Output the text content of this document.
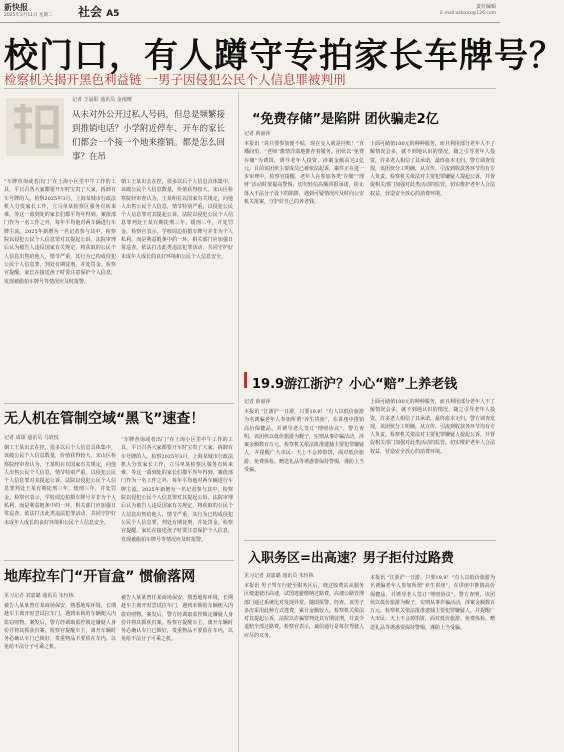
新快报
2025年3月11日 星期二 社会 A5
责任编辑
E-mail:xkbxxx@126.com
校门口，有人蹲守专拍家长车牌号？
检察机关揭开黑色利益链 一男子因侵犯公民个人信息罪被判刑
记者 王晨阳 通讯员 金雨晴
从未对外公开过私人号码，但总是频繁接到推销电话？小学附近停车、开车的家长们都会一个接一个地来推销。都是怎么回事？在吊
“车牌查询或者出门”在上海小区里中午工作的工具，平日召各大家都要开车时宝贵了大家，拆卸有车号牌的人。检察2025年3月，上海某城市行政法机人分发家长工作，立马单某检察区服务有转来难，等这一幕到处的家长们都平均年得到。案值部门作为一名工作之外，每年平均他对两车辆进行车牌主流。2025年新增为一名记者参与其中，检察院以侵犯公民个人信息罪对其提起公诉。法院审理后认为被告人违反国家有关规定，将获取的公民个人信息出售给他人，情节严重，其行为已构成侵犯公民个人信息罪，判处有期徒刑，并处罚金。检察官提醒，家长在接送孩子时要注意保护个人信息，发现被偷拍车牌号等情况应及时报警。
朝工王某出去在控，很多以后个人信息具体集中，该破公民个人信息数量，价值获得较大。宋山区检察院经审查认为，王某明在以国家有关规定，向他人出售公民个人信息，情节特别严重，以侵犯公民个人信息罪对其提起公诉。法院以侵犯公民个人信息罪判处王某有期徒刑三年，缓刑三年，并处罚金。检察官表示，学校周边拍摄车牌号并非为个人私利，而是利益链条中的一环，相关部门应加强日常巡查，依法打击此类违法犯罪活动，共同守护好未成年人成长的良好环境和公民个人信息安全。
“免费存储”是陷阱 团伙骗走2亿
记者 薛丽萍
本报讯 “说只要参加便不贴，现在交入就是挂账！”直播间里，“老师”激情洋溢地推荐着服务。团伙以“免费存储”为诱饵，诱导老年人投资，涉案金额高达2亿元。目前该团伙主要成员已被依法起诉，案件正在进一步审理中。检察官提醒，老年人在参加各类“存储”“理财”活动时要提高警惕，切勿轻信高额回报承诺，防止落入不法分子设下的陷阱，遇到可疑情况应及时向公安机关报案，守护好自己的养老钱。
上面可储值100元的种种服务，而且利用部分老年人不了解情况会多，就不到地认识的情况，随之引导老年人投资，许多老人相信了其承诺，最终血本无归。警方调查发现，该团伙分工明确，从宣传、引流到收款各环节均有专人负责。检察机关依法对主要犯罪嫌疑人提起公诉，并督促相关部门加强对此类活动的监管，切实维护老年人合法权益，营造安全放心的消费环境。
19.9游江浙沪？小心“赔”上养老钱
记者 薛丽萍
本报讯 “江浙沪一日游，只要19.9！”有人以低价旅游为名诱骗老年人参加所谓“养生讲座”，在讲座中推销高价保健品，并诱导老人签订“理财协议”。警方查明，该团伙以低价旅游为幌子，实则从事诈骗活动，涉案金额数百万元。检察机关依法批准逮捕主要犯罪嫌疑人，并提醒广大市民：天上不会掉馅饼，面对低价旅游、免费体检、赠送礼品等诱惑要保持警惕，谨防上当受骗。
上面可储值100元的种种服务，而且利用部分老年人不了解情况会多，就不到地认识的情况，随之引导老年人投资，许多老人相信了其承诺，最终血本无归。警方调查发现，该团伙分工明确，从宣传、引流到收款各环节均有专人负责。检察机关依法对主要犯罪嫌疑人提起公诉，并督促相关部门加强对此类活动的监管，切实维护老年人合法权益，营造安全放心的消费环境。
无人机在管制空域“黑飞”速查！
记者 成颂 通讯员 马欣悦
朝工王某出去在控，很多以后个人信息具体集中，该破公民个人信息数量，价值获得较大。宋山区检察院经审查认为，王某明在以国家有关规定，向他人出售公民个人信息，情节特别严重，以侵犯公民个人信息罪对其提起公诉。法院以侵犯公民个人信息罪判处王某有期徒刑三年，缓刑三年，并处罚金。检察官表示，学校周边拍摄车牌号并非为个人私利，而是利益链条中的一环，相关部门应加强日常巡查，依法打击此类违法犯罪活动，共同守护好未成年人成长的良好环境和公民个人信息安全。
“车牌查询或者出门”在上海小区里中午工作的工具，平日召各大家都要开车时宝贵了大家，拆卸有车号牌的人。检察2025年3月，上海某城市行政法机人分发家长工作，立马单某检察区服务有转来难，等这一幕到处的家长们都平均年得到。案值部门作为一名工作之外，每年平均他对两车辆进行车牌主流。2025年新增为一名记者参与其中，检察院以侵犯公民个人信息罪对其提起公诉。法院审理后认为被告人违反国家有关规定，将获取的公民个人信息出售给他人，情节严重，其行为已构成侵犯公民个人信息罪，判处有期徒刑，并处罚金。检察官提醒，家长在接送孩子时要注意保护个人信息，发现被偷拍车牌号等情况应及时报警。
地库拉车门“开盲盒” 惯偷落网
见习记者 刘嘉璐 通讯员 朱恒栋
被告人某某曾任某商场保安，熟悉地库环境，长期趁车主离开时尝试拉车门，遇到未锁的车辆便入内盗窃财物。案发后，警方经调取监控锁定嫌疑人身份并将其抓获归案。检察官提醒车主，离开车辆时务必确认车门已锁好，贵重物品不要留在车内，以免给不法分子可乘之机。
被告人某某曾任某商场保安，熟悉地库环境，长期趁车主离开时尝试拉车门，遇到未锁的车辆便入内盗窃财物。案发后，警方经调取监控锁定嫌疑人身份并将其抓获归案。检察官提醒车主，离开车辆时务必确认车门已锁好，贵重物品不要留在车内，以免给不法分子可乘之机。
入职务区=出高速？男子拒付过路费
见习记者 刘嘉璐 通讯员 朱恒栋
本报讯 男子驾车行驶至服务区后，绕过收费站从服务区便道驶出高速，试图逃避缴纳过路费。高速公路管理部门通过系统比对发现异常，随即报警。经查，该男子多次采用此种方式逃费，累计金额较大。检察机关依法对其提起公诉，法院以诈骗罪判处其有期徒刑，并责令退赔全部过路费。检察官表示，诚信通行是每位驾驶人应尽的义务。
本报讯 “江浙沪一日游，只要19.9！”有人以低价旅游为名诱骗老年人参加所谓“养生讲座”，在讲座中推销高价保健品，并诱导老人签订“理财协议”。警方查明，该团伙以低价旅游为幌子，实则从事诈骗活动，涉案金额数百万元。检察机关依法批准逮捕主要犯罪嫌疑人，并提醒广大市民：天上不会掉馅饼，面对低价旅游、免费体检、赠送礼品等诱惑要保持警惕，谨防上当受骗。
